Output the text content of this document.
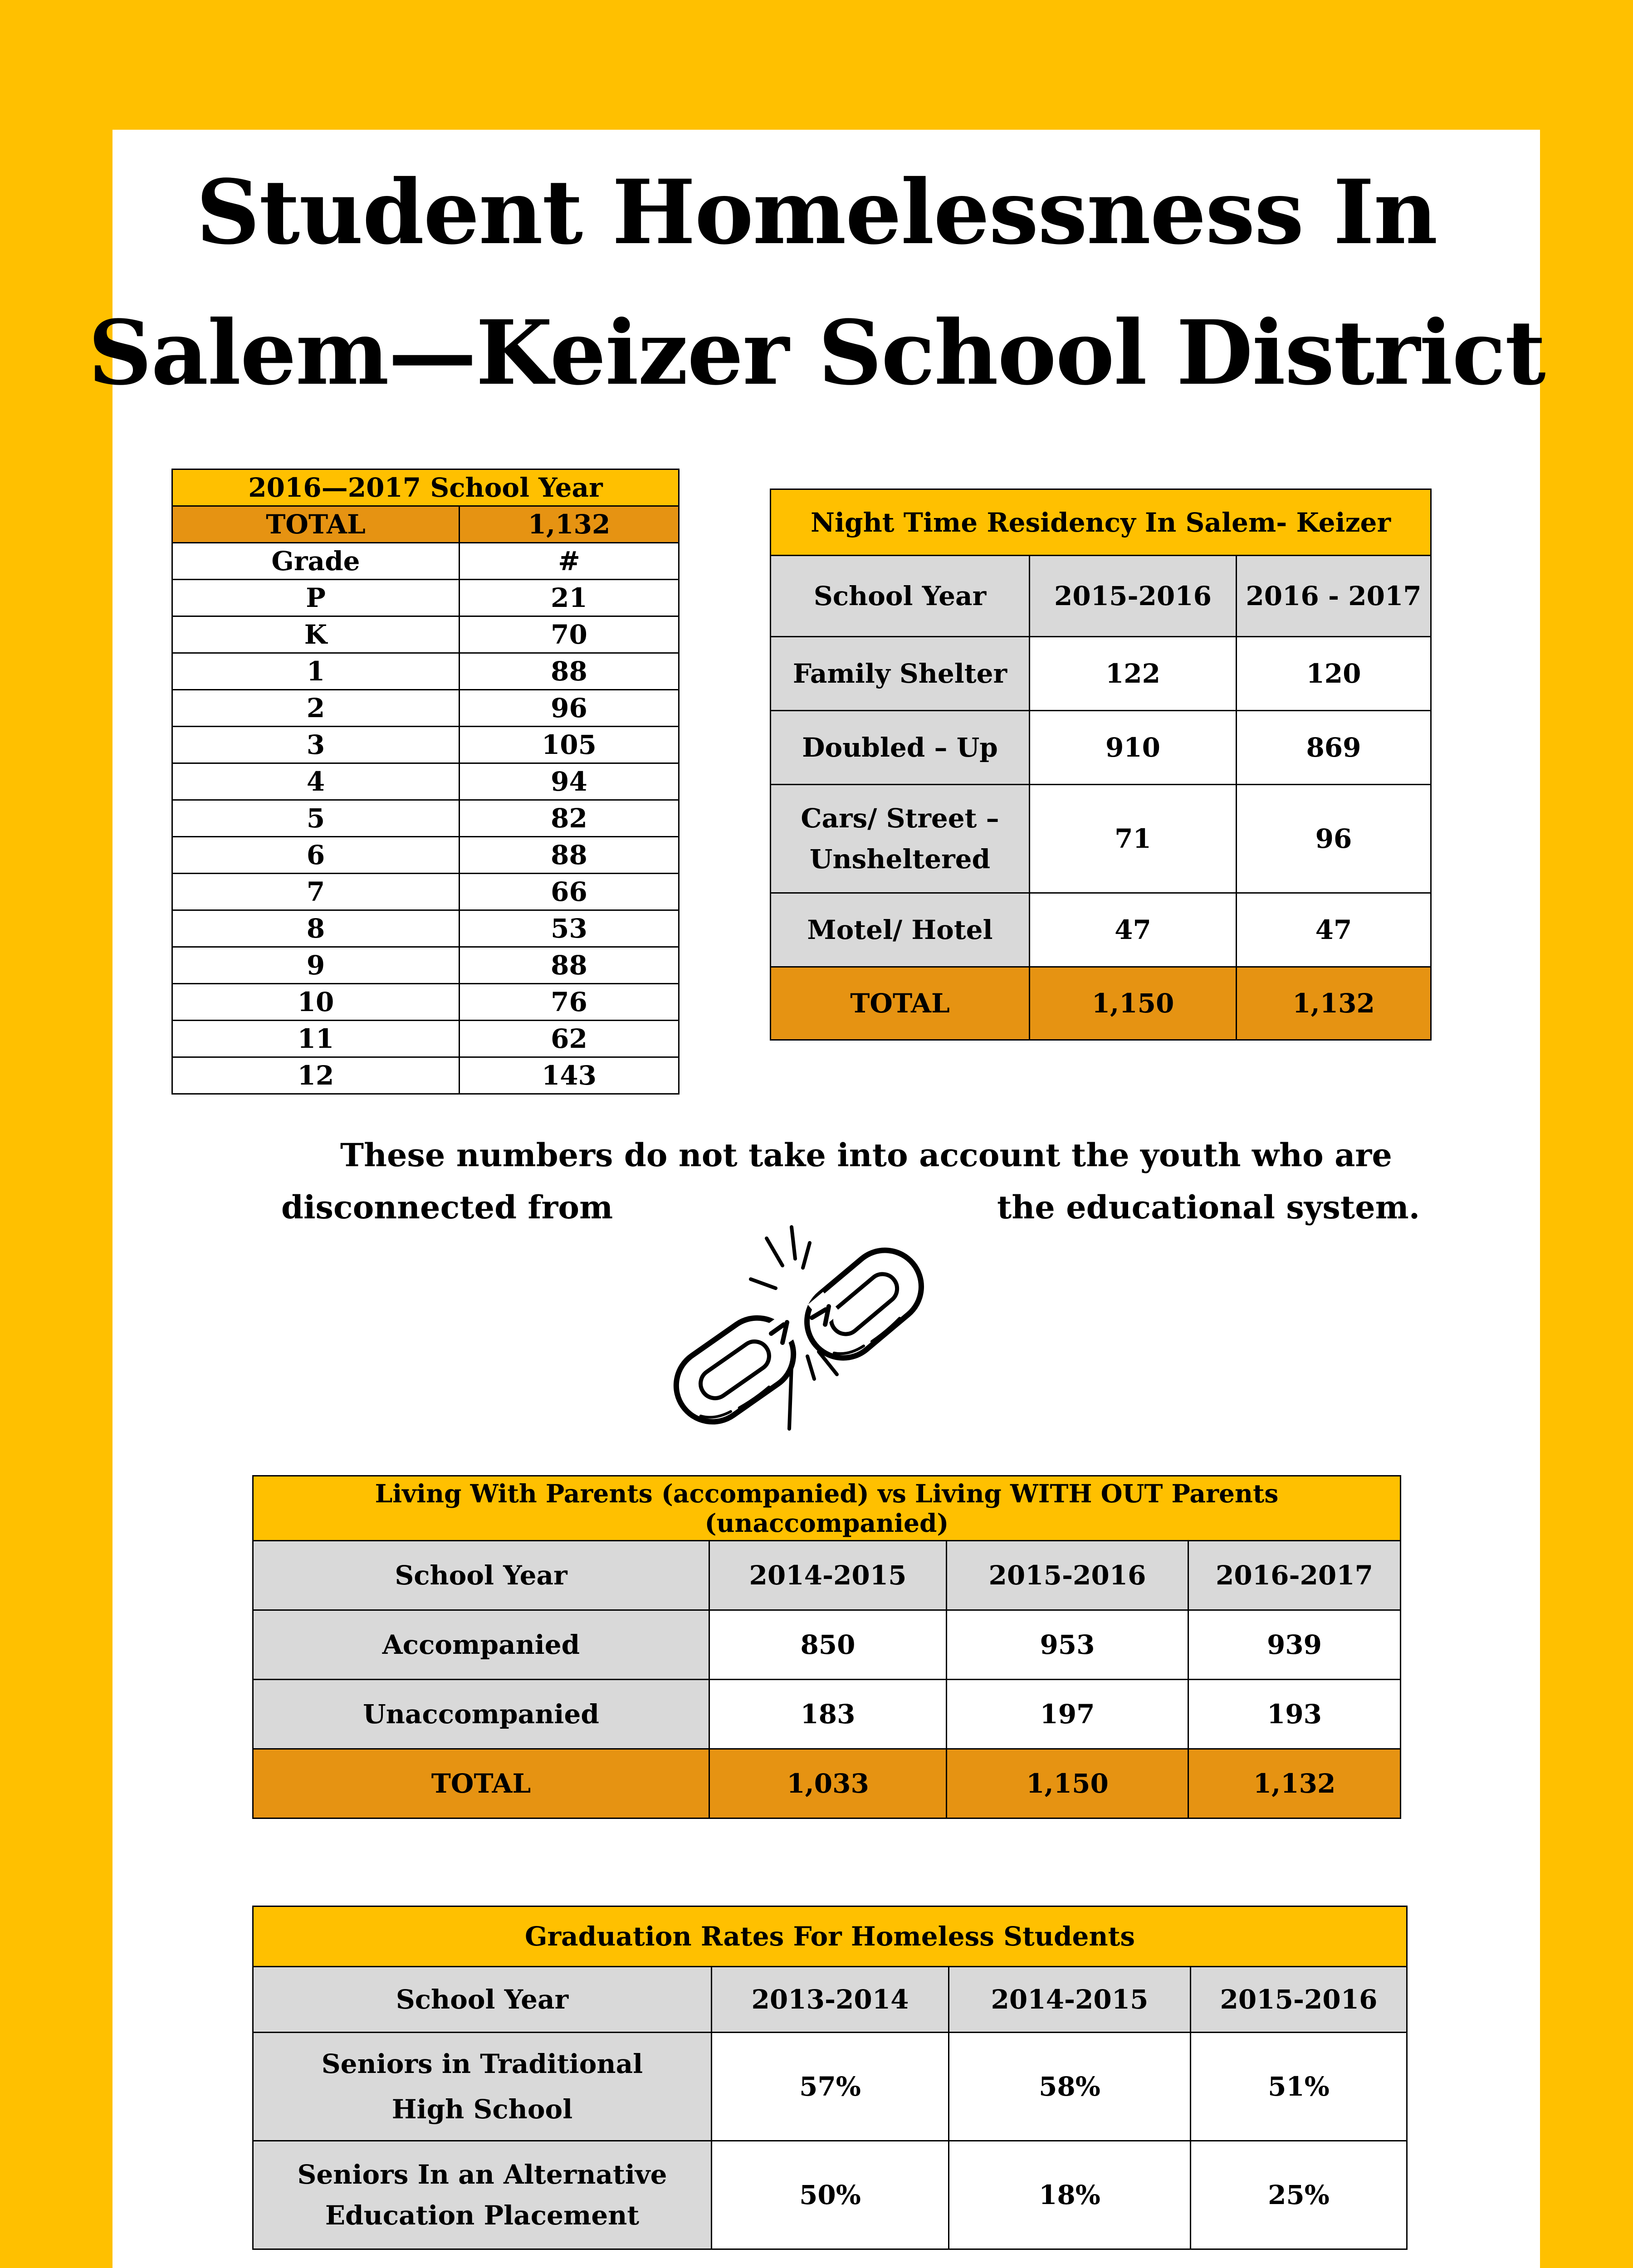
Student Homelessness In
Salem—Keizer School District
2016—2017 School Year	
TOTAL	1,132
Grade	#
P	21
K	70
1	88
2	96
3	105
4	94
5	82
6	88
7	66
8	53
9	88
10	76
11	62
12	143
Night Time Residency In Salem- Keizer		
School Year	2015-2016	2016 - 2017
Family Shelter	122	120
Doubled – Up	910	869
Cars/ Street – Unsheltered	71	96
Motel/ Hotel	47	47
TOTAL	1,150	1,132
These numbers do not take into account the youth who are
disconnected from	the educational system.
Living With Parents (accompanied) vs Living WITH OUT Parents (unaccompanied)			
School Year	2014-2015	2015-2016	2016-2017
Accompanied	850	953	939
Unaccompanied	183	197	193
TOTAL	1,033	1,150	1,132
Graduation Rates For Homeless Students			
School Year	2013-2014	2014-2015	2015-2016
Seniors in Traditional High School	57%	58%	51%
Seniors In an Alternative Education Placement	50%	18%	25%
